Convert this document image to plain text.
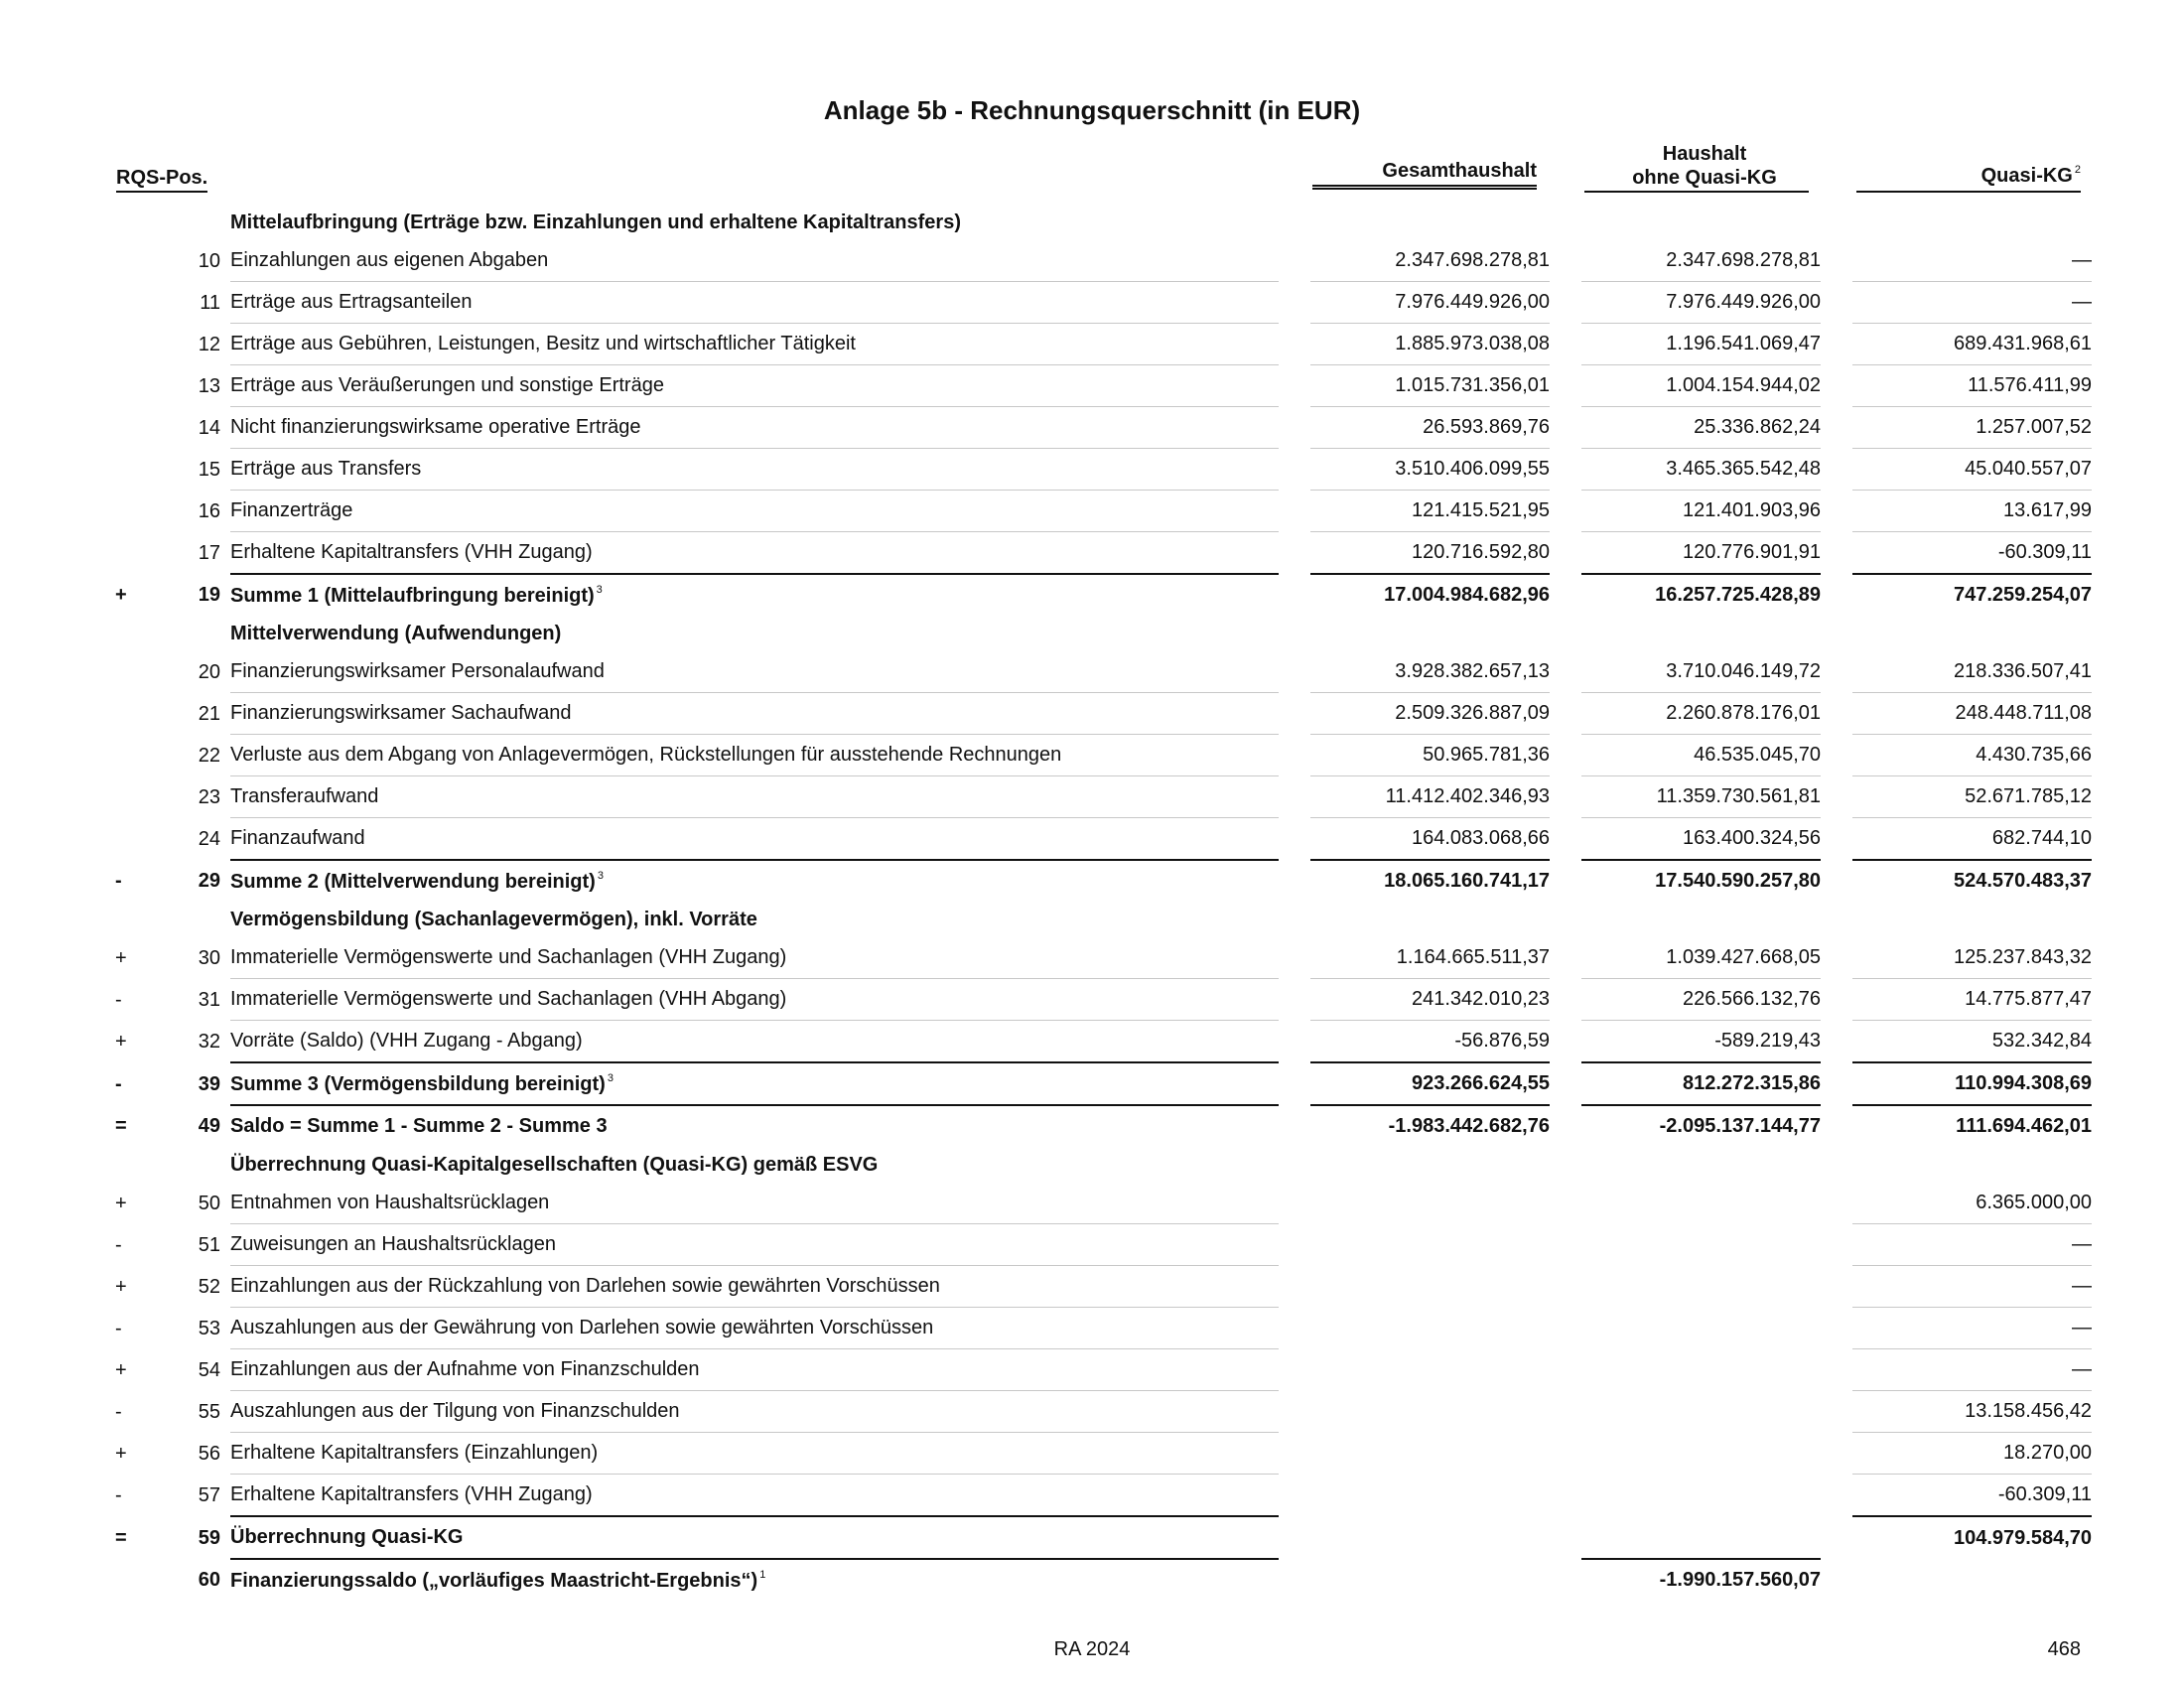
Anlage 5b - Rechnungsquerschnitt (in EUR)
RQS-Pos.	Gesamthaushalt
Haushalt
ohne Quasi-KG	Quasi-KG $^2$
		Mittelaufbringung (Erträge bzw. Einzahlungen und erhaltene Kapitaltransfers)						
	10	Einzahlungen aus eigenen Abgaben		2.347.698.278,81		2.347.698.278,81		—
	11	Erträge aus Ertragsanteilen		7.976.449.926,00		7.976.449.926,00		—
	12	Erträge aus Gebühren, Leistungen, Besitz und wirtschaftlicher Tätigkeit		1.885.973.038,08		1.196.541.069,47		689.431.968,61
	13	Erträge aus Veräußerungen und sonstige Erträge		1.015.731.356,01		1.004.154.944,02		11.576.411,99
	14	Nicht finanzierungswirksame operative Erträge		26.593.869,76		25.336.862,24		1.257.007,52
	15	Erträge aus Transfers		3.510.406.099,55		3.465.365.542,48		45.040.557,07
	16	Finanzerträge		121.415.521,95		121.401.903,96		13.617,99
	17	Erhaltene Kapitaltransfers (VHH Zugang)		120.716.592,80		120.776.901,91		-60.309,11
+	19	Summe 1 (Mittelaufbringung bereinigt) $^3$		17.004.984.682,96		16.257.725.428,89		747.259.254,07
		Mittelverwendung (Aufwendungen)						
	20	Finanzierungswirksamer Personalaufwand		3.928.382.657,13		3.710.046.149,72		218.336.507,41
	21	Finanzierungswirksamer Sachaufwand		2.509.326.887,09		2.260.878.176,01		248.448.711,08
	22	Verluste aus dem Abgang von Anlagevermögen, Rückstellungen für ausstehende Rechnungen		50.965.781,36		46.535.045,70		4.430.735,66
	23	Transferaufwand		11.412.402.346,93		11.359.730.561,81		52.671.785,12
	24	Finanzaufwand		164.083.068,66		163.400.324,56		682.744,10
-	29	Summe 2 (Mittelverwendung bereinigt) $^3$		18.065.160.741,17		17.540.590.257,80		524.570.483,37
		Vermögensbildung (Sachanlagevermögen), inkl. Vorräte						
+	30	Immaterielle Vermögenswerte und Sachanlagen (VHH Zugang)		1.164.665.511,37		1.039.427.668,05		125.237.843,32
-	31	Immaterielle Vermögenswerte und Sachanlagen (VHH Abgang)		241.342.010,23		226.566.132,76		14.775.877,47
+	32	Vorräte (Saldo) (VHH Zugang - Abgang)		-56.876,59		-589.219,43		532.342,84
-	39	Summe 3 (Vermögensbildung bereinigt) $^3$		923.266.624,55		812.272.315,86		110.994.308,69
=	49	Saldo = Summe 1 - Summe 2 - Summe 3		-1.983.442.682,76		-2.095.137.144,77		111.694.462,01
		Überrechnung Quasi-Kapitalgesellschaften (Quasi-KG) gemäß ESVG						
+	50	Entnahmen von Haushaltsrücklagen						6.365.000,00
-	51	Zuweisungen an Haushaltsrücklagen						—
+	52	Einzahlungen aus der Rückzahlung von Darlehen sowie gewährten Vorschüssen						—
-	53	Auszahlungen aus der Gewährung von Darlehen sowie gewährten Vorschüssen						—
+	54	Einzahlungen aus der Aufnahme von Finanzschulden						—
-	55	Auszahlungen aus der Tilgung von Finanzschulden						13.158.456,42
+	56	Erhaltene Kapitaltransfers (Einzahlungen)						18.270,00
-	57	Erhaltene Kapitaltransfers (VHH Zugang)						-60.309,11
=	59	Überrechnung Quasi-KG						104.979.584,70
	60	Finanzierungssaldo („vorläufiges Maastricht-Ergebnis“) $^1$				-1.990.157.560,07		
RA 2024	468
